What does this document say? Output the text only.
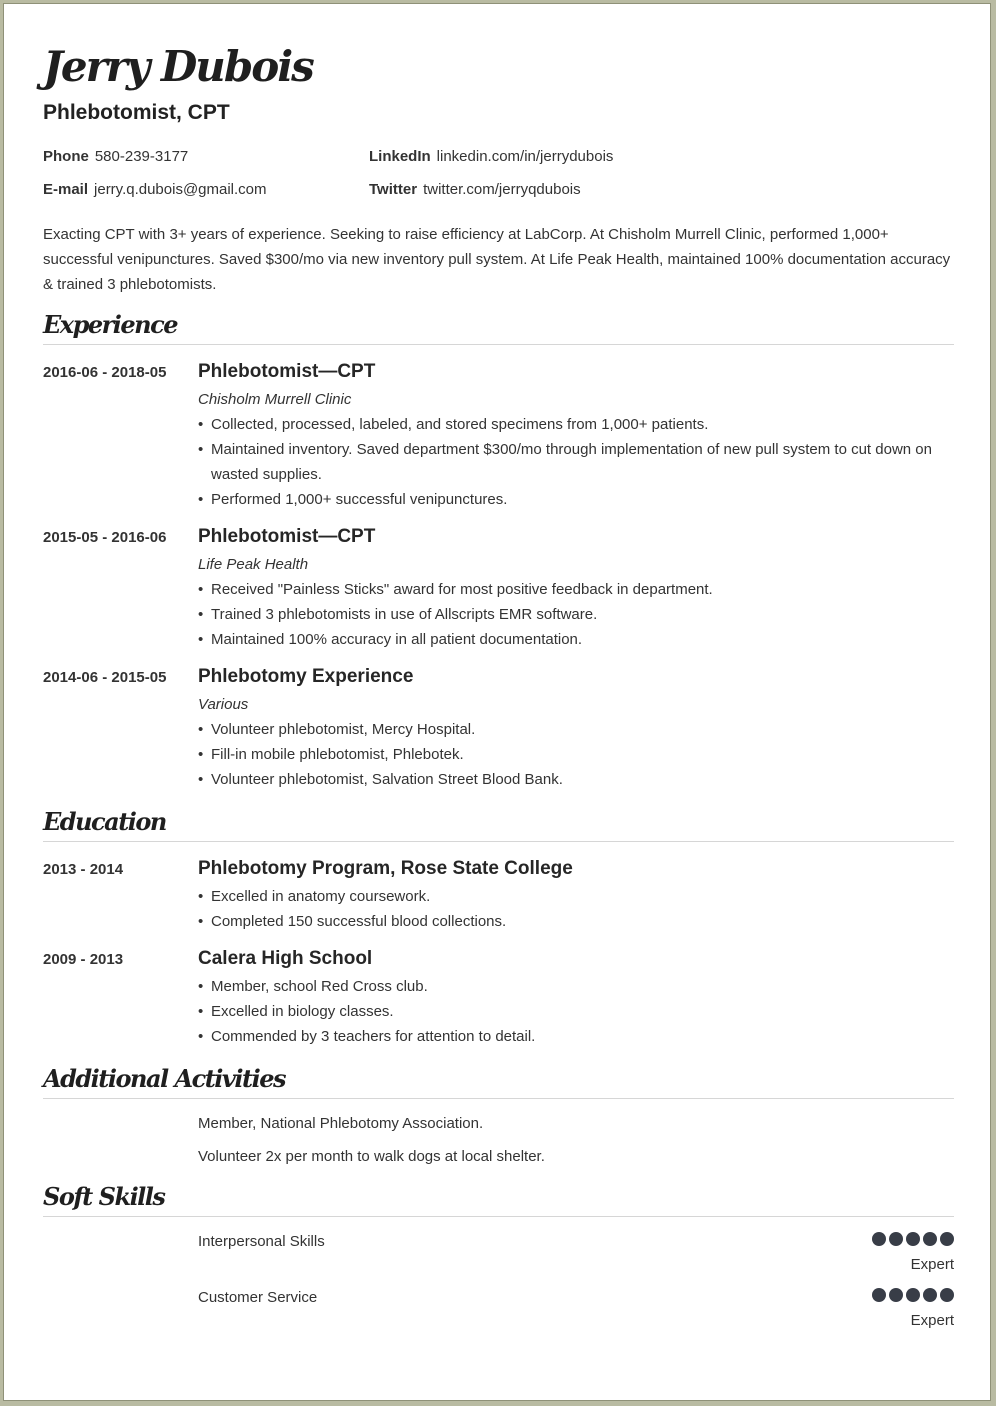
Jerry Dubois
Phlebotomist, CPT
Phone 580-239-3177
E-mail jerry.q.dubois@gmail.com
LinkedIn linkedin.com/in/jerrydubois
Twitter twitter.com/jerryqdubois

Exacting CPT with 3+ years of experience. Seeking to raise efficiency at LabCorp. At Chisholm Murrell Clinic, performed 1,000+ successful venipunctures. Saved $300/mo via new inventory pull system. At Life Peak Health, maintained 100% documentation accuracy & trained 3 phlebotomists.

Experience
2016-06 - 2018-05 Phlebotomist—CPT
Chisholm Murrell Clinic
• Collected, processed, labeled, and stored specimens from 1,000+ patients.
• Maintained inventory. Saved department $300/mo through implementation of new pull system to cut down on wasted supplies.
• Performed 1,000+ successful venipunctures.
2015-05 - 2016-06 Phlebotomist—CPT
Life Peak Health
• Received "Painless Sticks" award for most positive feedback in department.
• Trained 3 phlebotomists in use of Allscripts EMR software.
• Maintained 100% accuracy in all patient documentation.
2014-06 - 2015-05 Phlebotomy Experience
Various
• Volunteer phlebotomist, Mercy Hospital.
• Fill-in mobile phlebotomist, Phlebotek.
• Volunteer phlebotomist, Salvation Street Blood Bank.
Education
2013 - 2014	Phlebotomy Program, Rose State College
• Excelled in anatomy coursework.
• Completed 150 successful blood collections.
2009 - 2013	Calera High School
• Member, school Red Cross club.
• Excelled in biology classes.
• Commended by 3 teachers for attention to detail.
Additional Activities
Member, National Phlebotomy Association.
Volunteer 2x per month to walk dogs at local shelter.
Soft Skills
Interpersonal Skills
Expert
Customer Service
Expert
